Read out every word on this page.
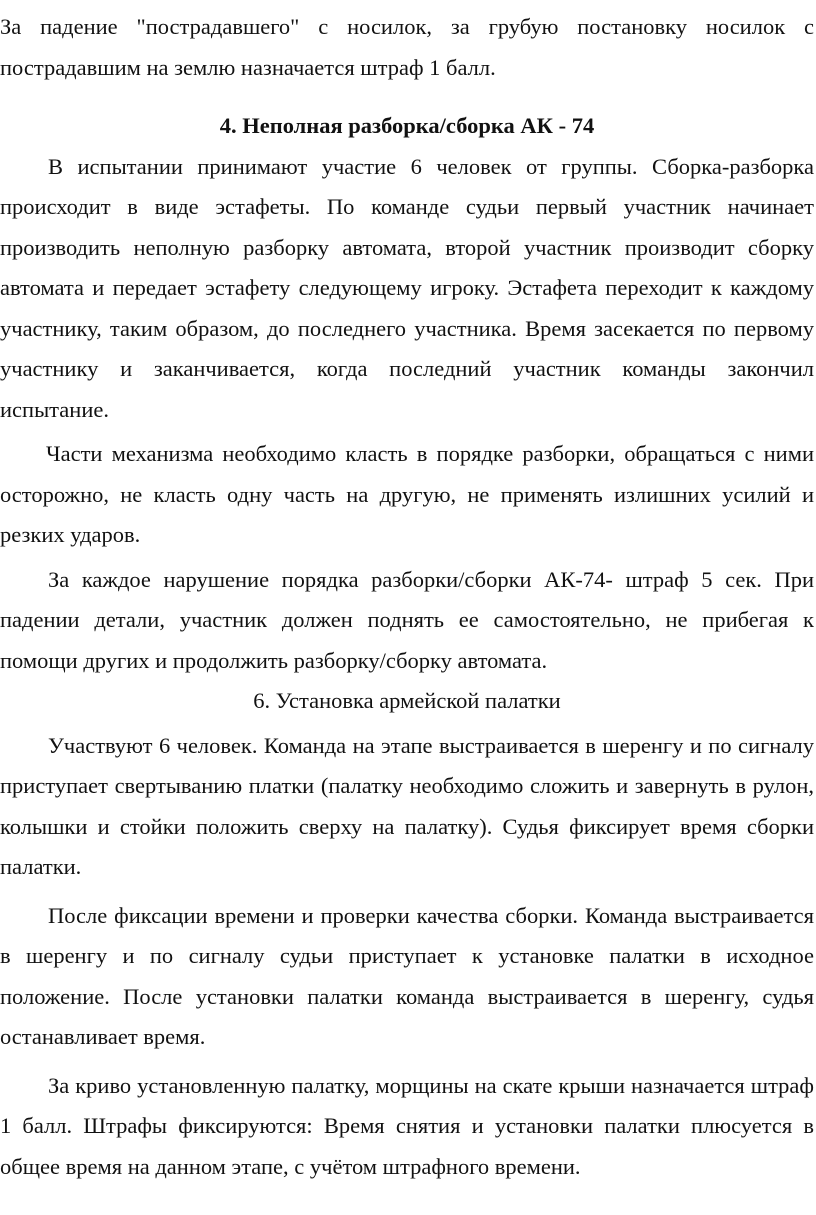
За падение "пострадавшего" с носилок, за грубую постановку носилок с пострадавшим на землю назначается штраф 1 балл.

4. Неполная разборка/сборка АК - 74

В испытании принимают участие 6 человек от группы. Сборка-разборка происходит в виде эстафеты. По команде судьи первый участник начинает производить неполную разборку автомата, второй участник производит сборку автомата и передает эстафету следующему игроку. Эстафета переходит к каждому участнику, таким образом, до последнего участника. Время засекается по первому участнику и заканчивается, когда последний участник команды закончил испытание.

Части механизма необходимо класть в порядке разборки, обращаться с ними осторожно, не класть одну часть на другую, не применять излишних усилий и резких ударов.

За каждое нарушение порядка разборки/сборки АК-74- штраф 5 сек. При падении детали, участник должен поднять ее самостоятельно, не прибегая к помощи других и продолжить разборку/сборку автомата.

6. Установка армейской палатки

Участвуют 6 человек. Команда на этапе выстраивается в шеренгу и по сигналу приступает свертыванию платки (палатку необходимо сложить и завернуть в рулон, колышки и стойки положить сверху на палатку). Судья фиксирует время сборки палатки.

После фиксации времени и проверки качества сборки. Команда выстраивается в шеренгу и по сигналу судьи приступает к установке палатки в исходное положение. После установки палатки команда выстраивается в шеренгу, судья останавливает время.

За криво установленную палатку, морщины на скате крыши назначается штраф 1 балл. Штрафы фиксируются: Время снятия и установки палатки плюсуется в общее время на данном этапе, с учётом штрафного времени.
